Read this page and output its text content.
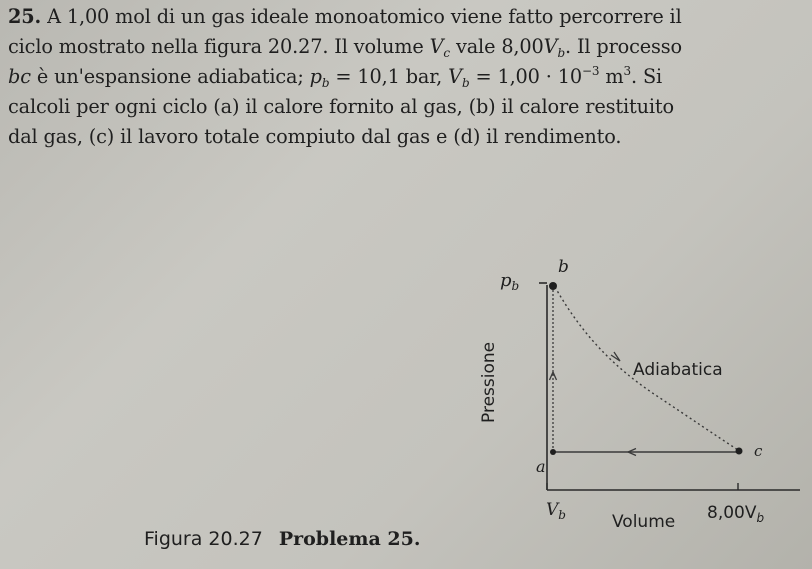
25. A 1,00 mol di un gas ideale monoatomico viene fatto percorrere il
ciclo mostrato nella figura 20.27. Il volume $V_c$ vale $8,00V_b$. Il processo
bc è un'espansione adiabatica; $p_b = 10,1$ bar, $V_b = 1,00 \cdot 10^{-3}$ $m^3$. Si
calcoli per ogni ciclo (a) il calore fornito al gas, (b) il calore restituito
dal gas, (c) il lavoro totale compiuto dal gas e (d) il rendimento.
$p_b$
b
a
c
Adiabatica
Pressione
Volume
$V_b$	$8,00V_b$
Figura 20.27 Problema 25.
